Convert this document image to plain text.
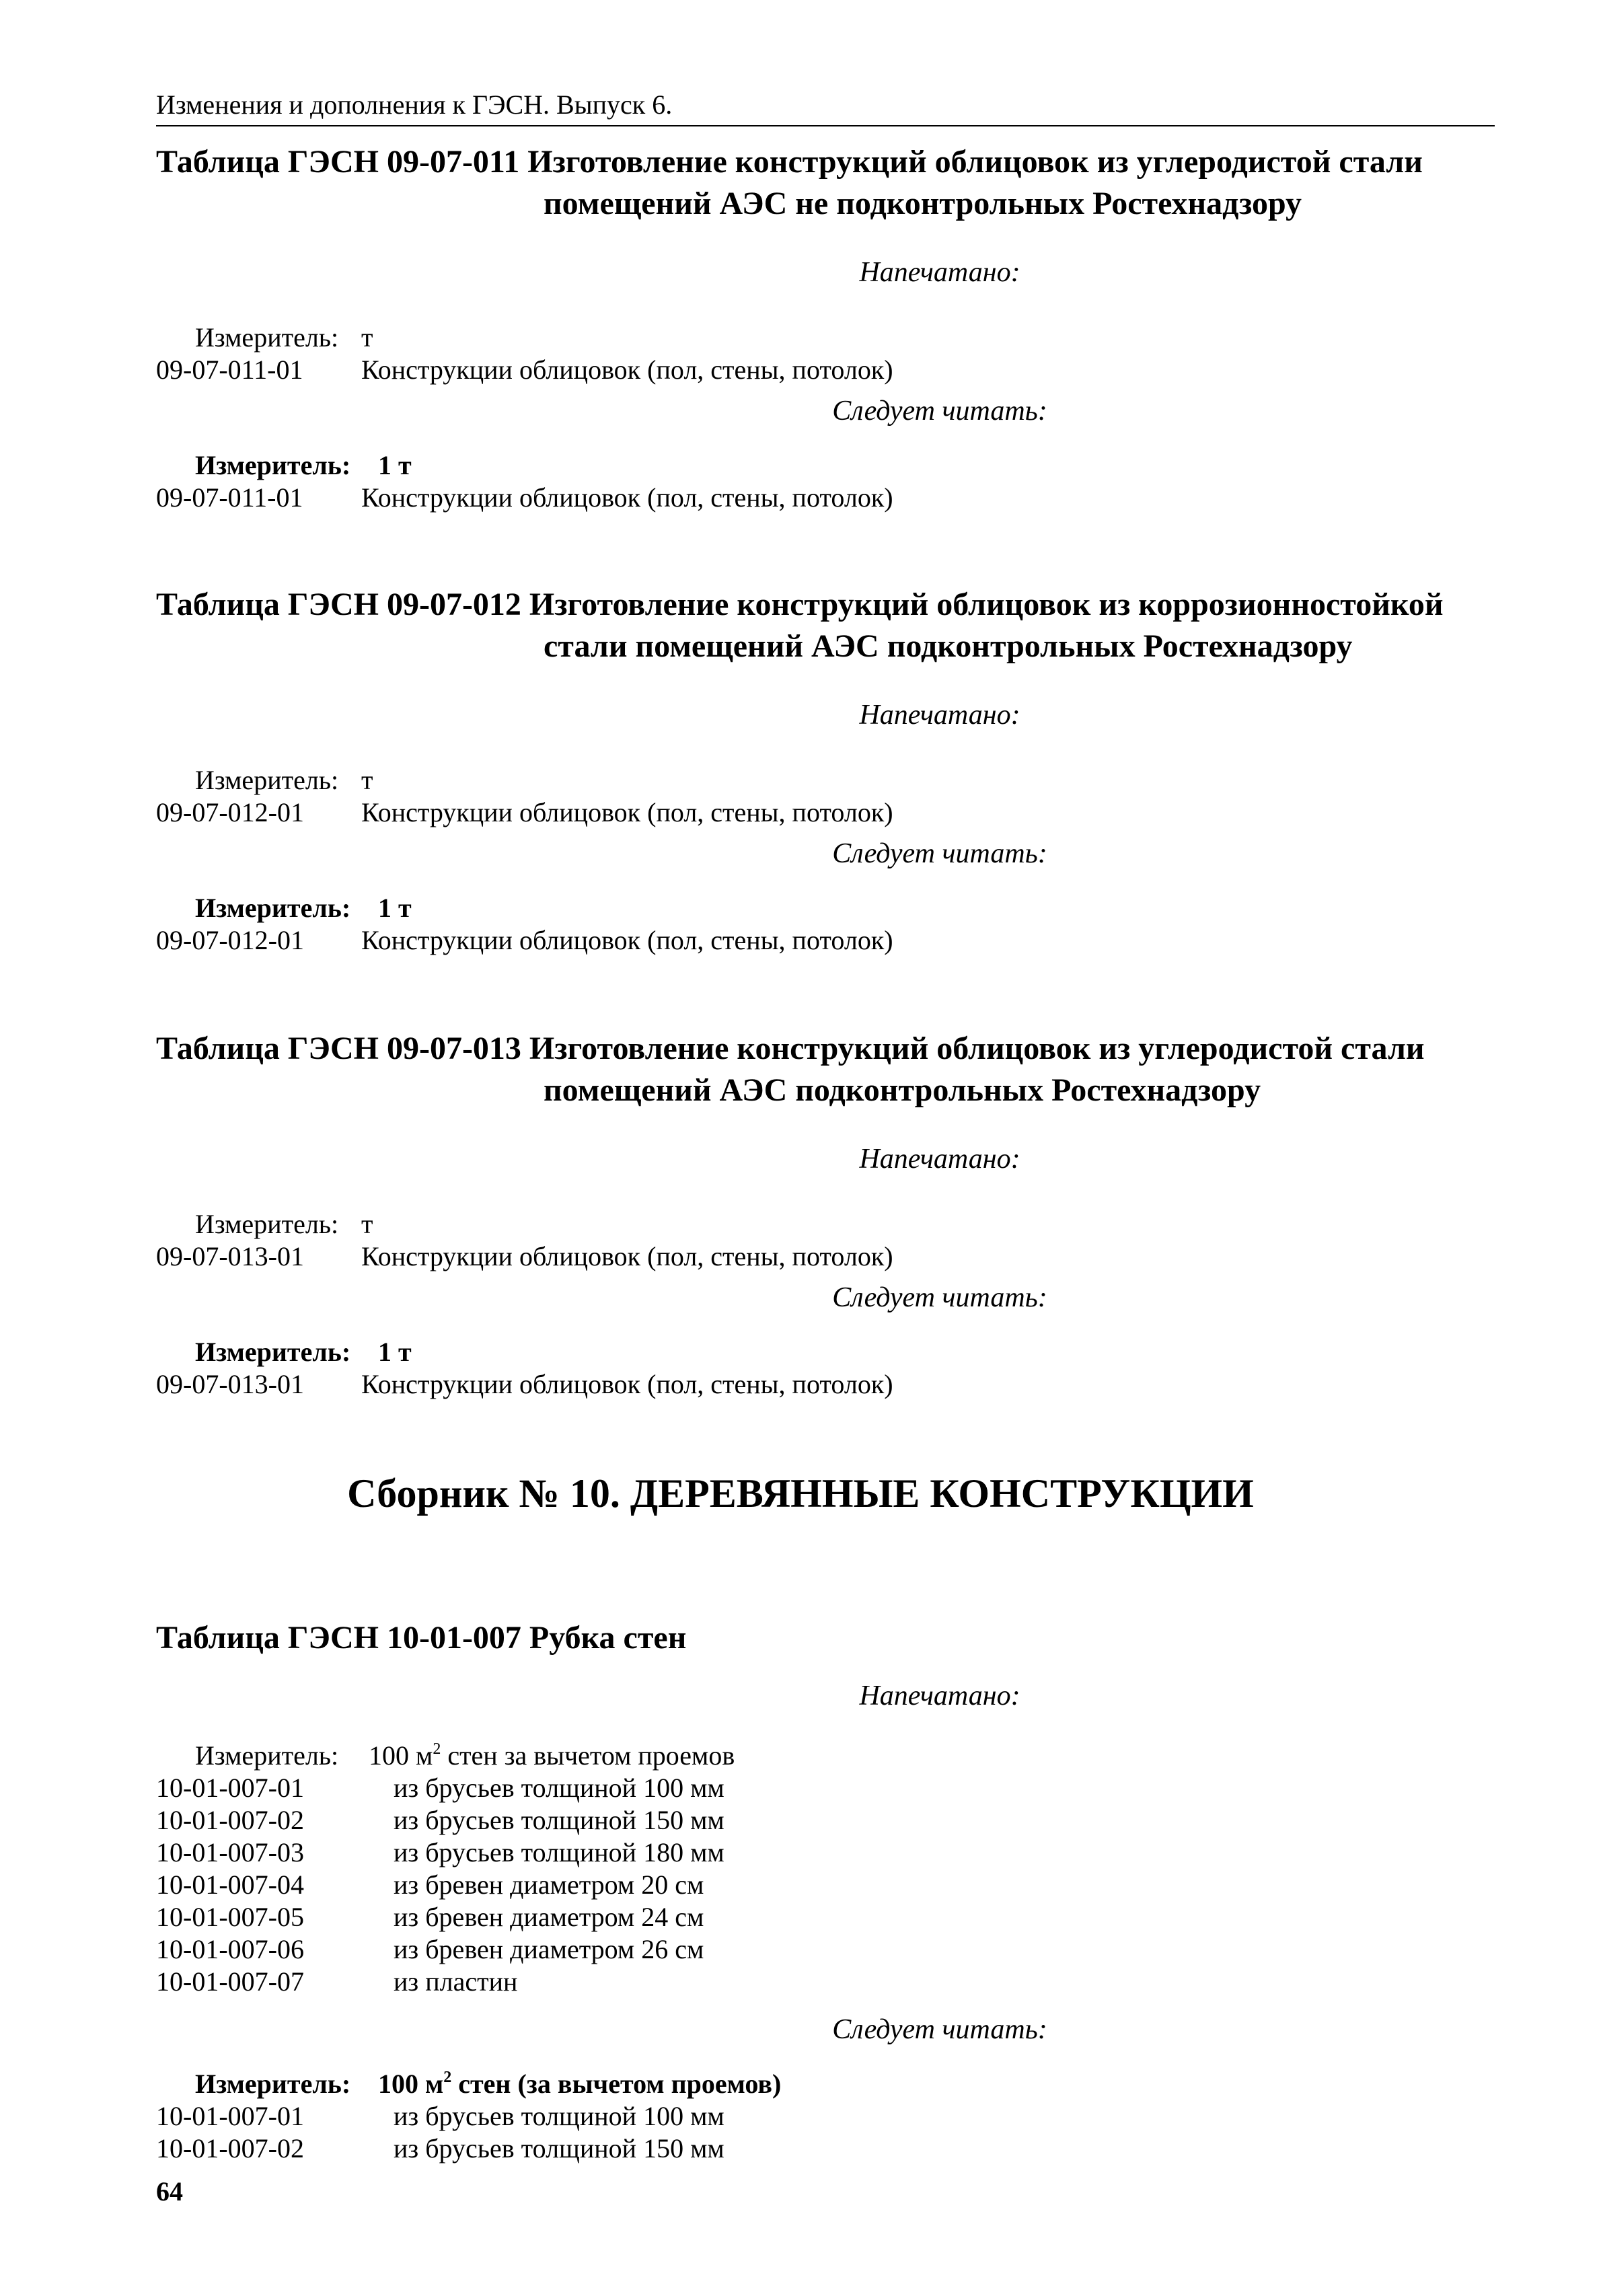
Изменения и дополнения к ГЭСН. Выпуск 6.

Таблица ГЭСН 09-07-011 Изготовление конструкций облицовок из углеродистой стали помещений АЭС не подконтрольных Ростехнадзору

Напечатано:
Измеритель: т
09-07-011-01 Конструкции облицовок (пол, стены, потолок)
Следует читать:
Измеритель: 1 т
09-07-011-01 Конструкции облицовок (пол, стены, потолок)

Таблица ГЭСН 09-07-012 Изготовление конструкций облицовок из коррозионностойкой стали помещений АЭС подконтрольных Ростехнадзору

Напечатано:
Измеритель: т
09-07-012-01 Конструкции облицовок (пол, стены, потолок)
Следует читать:
Измеритель: 1 т
09-07-012-01 Конструкции облицовок (пол, стены, потолок)

Таблица ГЭСН 09-07-013 Изготовление конструкций облицовок из углеродистой стали помещений АЭС подконтрольных Ростехнадзору

Напечатано:
Измеритель: т
09-07-013-01 Конструкции облицовок (пол, стены, потолок)
Следует читать:
Измеритель: 1 т
09-07-013-01 Конструкции облицовок (пол, стены, потолок)
Сборник № 10. ДЕРЕВЯННЫЕ КОНСТРУКЦИИ

Таблица ГЭСН 10-01-007 Рубка стен

Напечатано:
Измеритель: 100 $м^2$ стен за вычетом проемов
10-01-007-01	из брусьев толщиной 100 мм
10-01-007-02	из брусьев толщиной 150 мм
10-01-007-03	из брусьев толщиной 180 мм
10-01-007-04	из бревен диаметром 20 см
10-01-007-05	из бревен диаметром 24 см
10-01-007-06	из бревен диаметром 26 см
10-01-007-07	из пластин
Следует читать:
Измеритель: 100 $м^2$ стен (за вычетом проемов)
10-01-007-01	из брусьев толщиной 100 мм
10-01-007-02	из брусьев толщиной 150 мм
64
